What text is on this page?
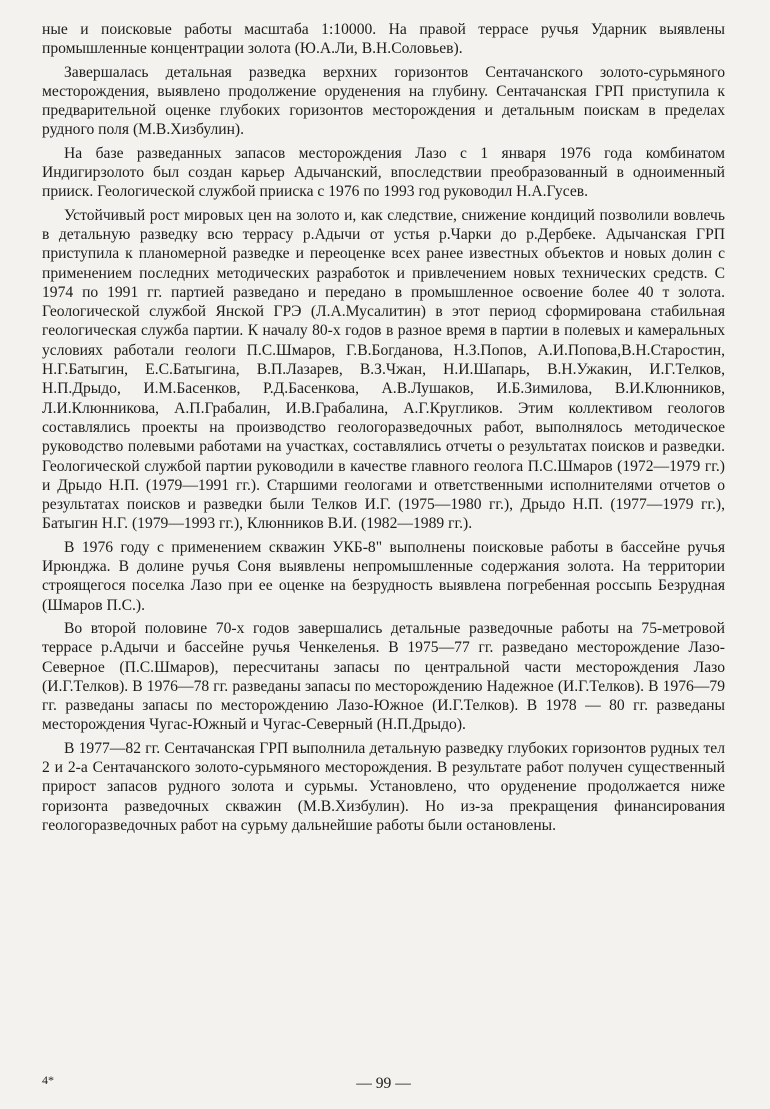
ные и поисковые работы масштаба 1:10000. На правой террасе ручья Ударник выявлены промышленные концентрации золота (Ю.А.Ли, В.Н.Соловьев).

Завершалась детальная разведка верхних горизонтов Сентачанского золото-сурьмяного месторождения, выявлено продолжение оруденения на глубину. Сентачанская ГРП приступила к предварительной оценке глубоких горизонтов месторождения и детальным поискам в пределах рудного поля (М.В.Хизбулин).

На базе разведанных запасов месторождения Лазо с 1 января 1976 года комбинатом Индигирзолото был создан карьер Адычанский, впоследствии преобразованный в одноименный прииск. Геологической службой прииска с 1976 по 1993 год руководил Н.А.Гусев.

Устойчивый рост мировых цен на золото и, как следствие, снижение кондиций позволили вовлечь в детальную разведку всю террасу р.Адычи от устья р.Чарки до р.Дербеке. Адычанская ГРП приступила к планомерной разведке и переоценке всех ранее известных объектов и новых долин с применением последних методических разработок и привлечением новых технических средств. С 1974 по 1991 гг. партией разведано и передано в промышленное освоение более 40 т золота. Геологической службой Янской ГРЭ (Л.А.Мусалитин) в этот период сформирована стабильная геологическая служба партии. К началу 80-х годов в разное время в партии в полевых и камеральных условиях работали геологи П.С.Шмаров, Г.В.Богданова, Н.З.Попов, А.И.Попова,В.Н.Старостин, Н.Г.Батыгин, Е.С.Батыгина, В.П.Лазарев, В.З.Чжан, Н.И.Шапарь, В.Н.Ужакин, И.Г.Телков, Н.П.Дрыдо, И.М.Басенков, Р.Д.Басенкова, А.В.Лушаков, И.Б.Зимилова, В.И.Клюнников, Л.И.Клюнникова, А.П.Грабалин, И.В.Грабалина, А.Г.Кругликов. Этим коллективом геологов составлялись проекты на производство геологоразведочных работ, выполнялось методическое руководство полевыми работами на участках, составлялись отчеты о результатах поисков и разведки. Геологической службой партии руководили в качестве главного геолога П.С.Шмаров (1972—1979 гг.) и Дрыдо Н.П. (1979—1991 гг.). Старшими геологами и ответственными исполнителями отчетов о результатах поисков и разведки были Телков И.Г. (1975—1980 гг.), Дрыдо Н.П. (1977—1979 гг.), Батыгин Н.Г. (1979—1993 гг.), Клюнников В.И. (1982—1989 гг.).

В 1976 году с применением скважин УКБ-8" выполнены поисковые работы в бассейне ручья Ирюнджа. В долине ручья Соня выявлены непромышленные содержания золота. На территории строящегося поселка Лазо при ее оценке на безрудность выявлена погребенная россыпь Безрудная (Шмаров П.С.).

Во второй половине 70-х годов завершались детальные разведочные работы на 75-метровой террасе р.Адычи и бассейне ручья Ченкеленья. В 1975—77 гг. разведано месторождение Лазо-Северное (П.С.Шмаров), пересчитаны запасы по центральной части месторождения Лазо (И.Г.Телков). В 1976—78 гг. разведаны запасы по месторождению Надежное (И.Г.Телков). В 1976—79 гг. разведаны запасы по месторождению Лазо-Южное (И.Г.Телков). В 1978 — 80 гг. разведаны месторождения Чугас-Южный и Чугас-Северный (Н.П.Дрыдо).

В 1977—82 гг. Сентачанская ГРП выполнила детальную разведку глубоких горизонтов рудных тел 2 и 2-а Сентачанского золото-сурьмяного месторождения. В результате работ получен существенный прирост запасов рудного золота и сурьмы. Установлено, что оруденение продолжается ниже горизонта разведочных скважин (М.В.Хизбулин). Но из-за прекращения финансирования геологоразведочных работ на сурьму дальнейшие работы были остановлены.

4*	— 99 —
